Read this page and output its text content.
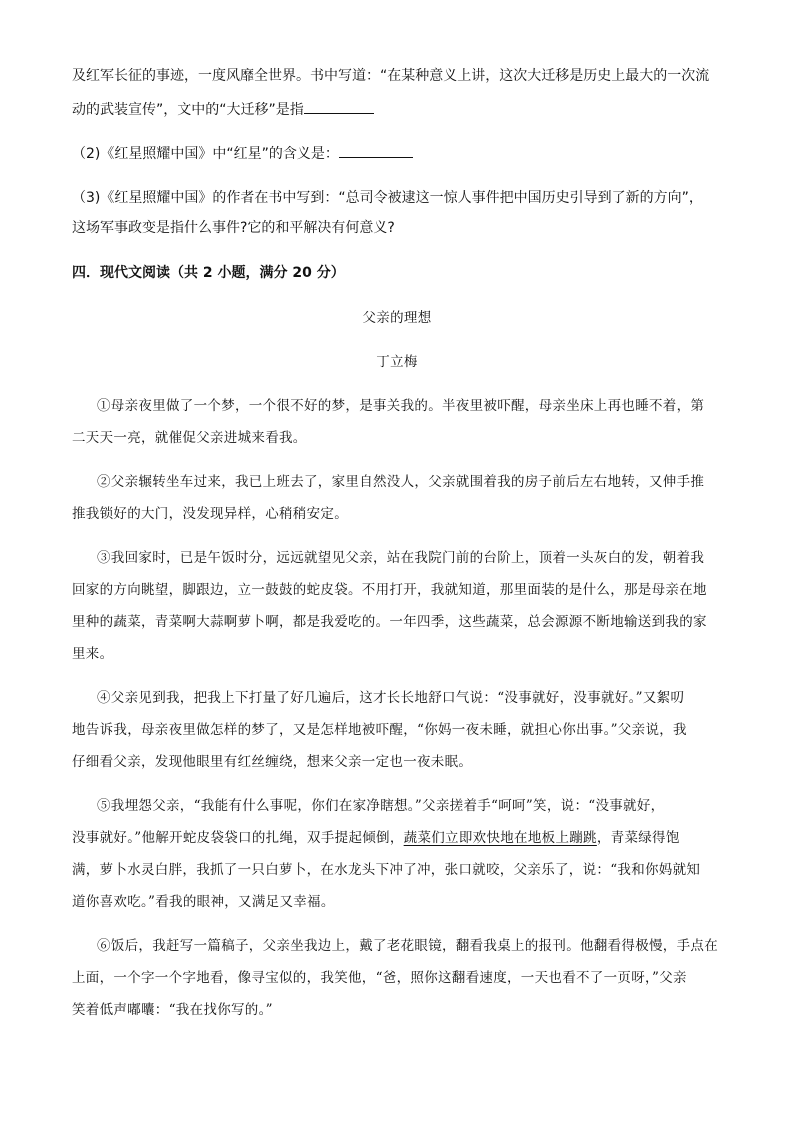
及红军长征的事迹，一度风靡全世界。书中写道：“在某种意义上讲，这次大迁移是历史上最大的一次流
动的武装宣传”，文中的“大迁移”是指
（2)《红星照耀中国》中“红星”的含义是：
（3)《红星照耀中国》的作者在书中写到：“总司令被逮这一惊人事件把中国历史引导到了新的方向”，
这场军事政变是指什么事件?它的和平解决有何意义?
四．现代文阅读（共 2 小题，满分 20 分）
父亲的理想
丁立梅
①母亲夜里做了一个梦，一个很不好的梦，是事关我的。半夜里被吓醒，母亲坐床上再也睡不着，第
二天天一亮，就催促父亲进城来看我。
②父亲辗转坐车过来，我已上班去了，家里自然没人，父亲就围着我的房子前后左右地转，又伸手推
推我锁好的大门，没发现异样，心稍稍安定。
③我回家时，已是午饭时分，远远就望见父亲，站在我院门前的台阶上，顶着一头灰白的发，朝着我
回家的方向眺望，脚跟边，立一鼓鼓的蛇皮袋。不用打开，我就知道，那里面装的是什么，那是母亲在地
里种的蔬菜，青菜啊大蒜啊萝卜啊，都是我爱吃的。一年四季，这些蔬菜，总会源源不断地输送到我的家
里来。
④父亲见到我，把我上下打量了好几遍后，这才长长地舒口气说：“没事就好，没事就好。”又絮叨
地告诉我，母亲夜里做怎样的梦了，又是怎样地被吓醒，“你妈一夜未睡，就担心你出事。”父亲说，我
仔细看父亲，发现他眼里有红丝缠绕，想来父亲一定也一夜未眠。
⑤我埋怨父亲，“我能有什么事呢，你们在家净瞎想。”父亲搓着手“呵呵”笑，说：“没事就好，
没事就好。”他解开蛇皮袋袋口的扎绳，双手提起倾倒，蔬菜们立即欢快地在地板上蹦跳，青菜绿得饱
满，萝卜水灵白胖，我抓了一只白萝卜，在水龙头下冲了冲，张口就咬，父亲乐了，说：“我和你妈就知
道你喜欢吃。”看我的眼神，又满足又幸福。
⑥饭后，我赶写一篇稿子，父亲坐我边上，戴了老花眼镜，翻看我桌上的报刊。他翻看得极慢，手点在
上面，一个字一个字地看，像寻宝似的，我笑他，“爸，照你这翻看速度，一天也看不了一页呀，”父亲
笑着低声嘟囔：“我在找你写的。”
